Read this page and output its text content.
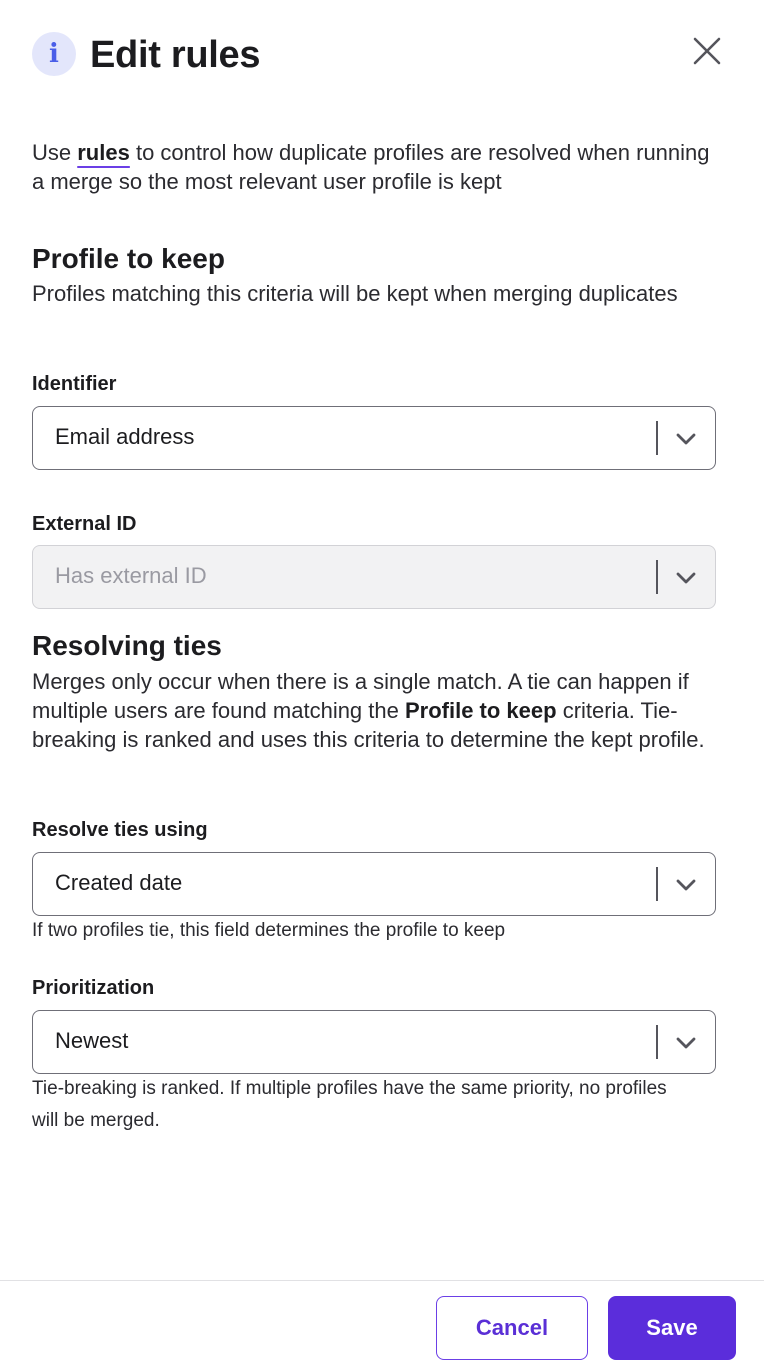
i Edit rules

Use rules to control how duplicate profiles are resolved when running a merge so the most relevant user profile is kept

Profile to keep

Profiles matching this criteria will be kept when merging duplicates

Identifier
Email address
External ID
Has external ID
Resolving ties

Merges only occur when there is a single match. A tie can happen if multiple users are found matching the Profile to keep criteria. Tie-breaking is ranked and uses this criteria to determine the kept profile.

Resolve ties using
Created date

If two profiles tie, this field determines the profile to keep

Prioritization
Newest

Tie-breaking is ranked. If multiple profiles have the same priority, no profiles will be merged.

Cancel	Save
